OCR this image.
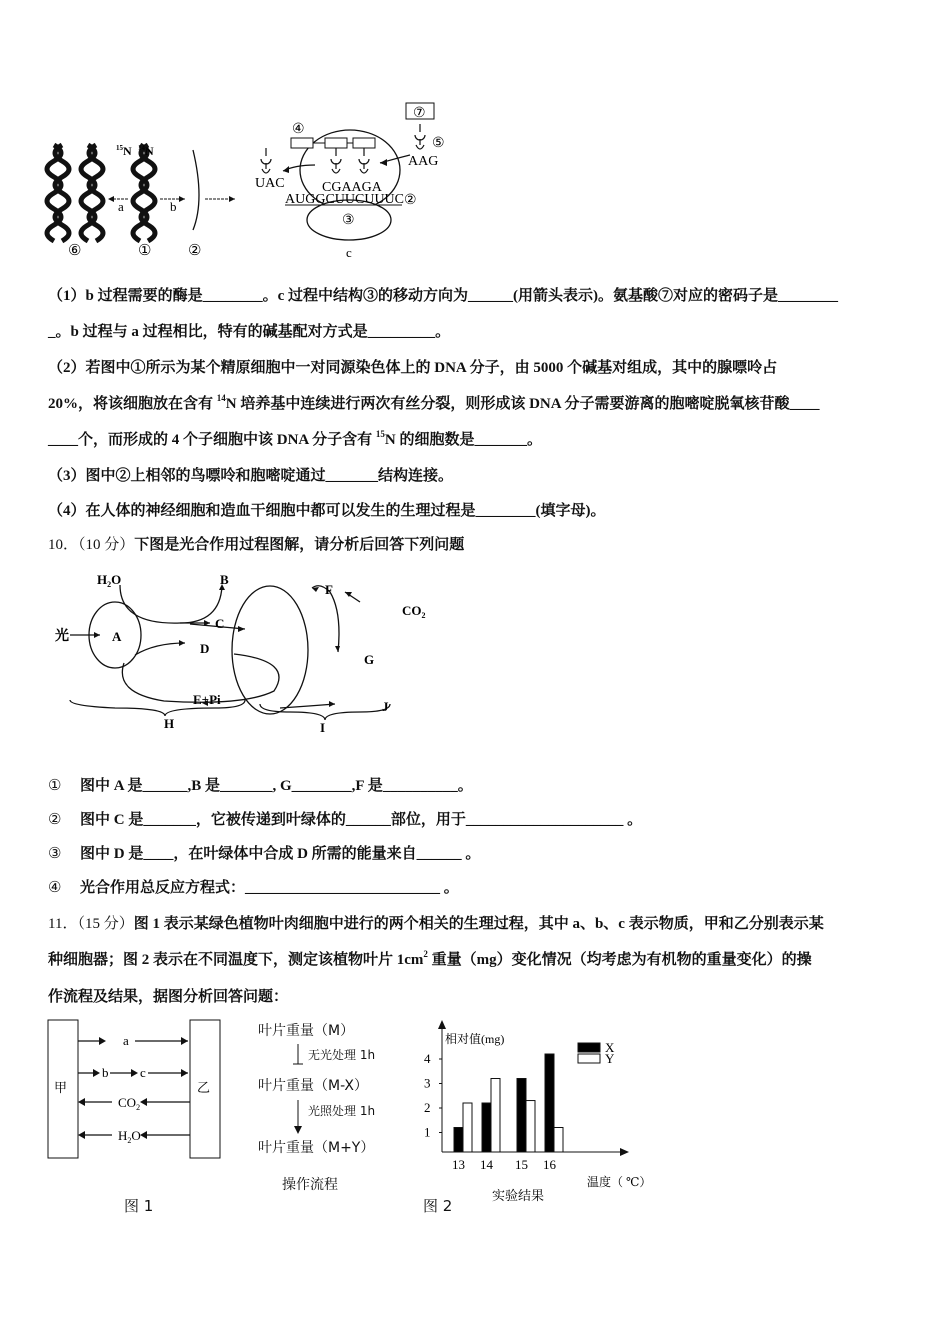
a	b
$^{15}$N $^{14}$N
⑥	① ②
UAC
AAG
CGAAGA
AUGGCUUCUUUC ②
③
④
⑤
⑦
c
（1）b 过程需要的酶是________。c 过程中结构③的移动方向为______(用箭头表示)。氨基酸⑦对应的密码子是________
_。b 过程与 a 过程相比，特有的碱基配对方式是_________。
（2）若图中①所示为某个精原细胞中一对同源染色体上的 DNA 分子，由 5000 个碱基对组成，其中的腺嘌呤占
20%，将该细胞放在含有 $^{14}$N 培养基中连续进行两次有丝分裂，则形成该 DNA 分子需要游离的胞嘧啶脱氧核苷酸____
____个，而形成的 4 个子细胞中该 DNA 分子含有 $^{15}$N 的细胞数是_______。
（3）图中②上相邻的鸟嘌呤和胞嘧啶通过_______结构连接。
（4）在人体的神经细胞和造血干细胞中都可以发生的生理过程是________(填字母)。
10．（10 分）下图是光合作用过程图解，请分析后回答下列问题
$H_2O$	B
C
光	A
D
E+Pi
H
F
$CO_2$
G
J
I
① 图中 A 是______,B 是_______, G________,F 是__________。
② 图中 C 是_______，它被传递到叶绿体的______部位，用于_____________________ 。
③ 图中 D 是____，在叶绿体中合成 D 所需的能量来自______ 。
④ 光合作用总反应方程式：__________________________ 。
11．（15 分）图 1 表示某绿色植物叶肉细胞中进行的两个相关的生理过程，其中 a、b、c 表示物质，甲和乙分别表示某
种细胞器；图 2 表示在不同温度下，测定该植物叶片 $1cm^2$ 重量（mg）变化情况（均考虑为有机物的重量变化）的操
作流程及结果，据图分析回答问题：
甲	乙
a
b c
$CO_2$
$H_2O$
图 1
叶片重量（M）
无光处理 1h
叶片重量（M-X）
光照处理 1h
叶片重量（M+Y）
操作流程
相对值(mg)
温度（ ℃）
实验结果
1
2
3
4
13 14 15 16
X
Y
图 2
